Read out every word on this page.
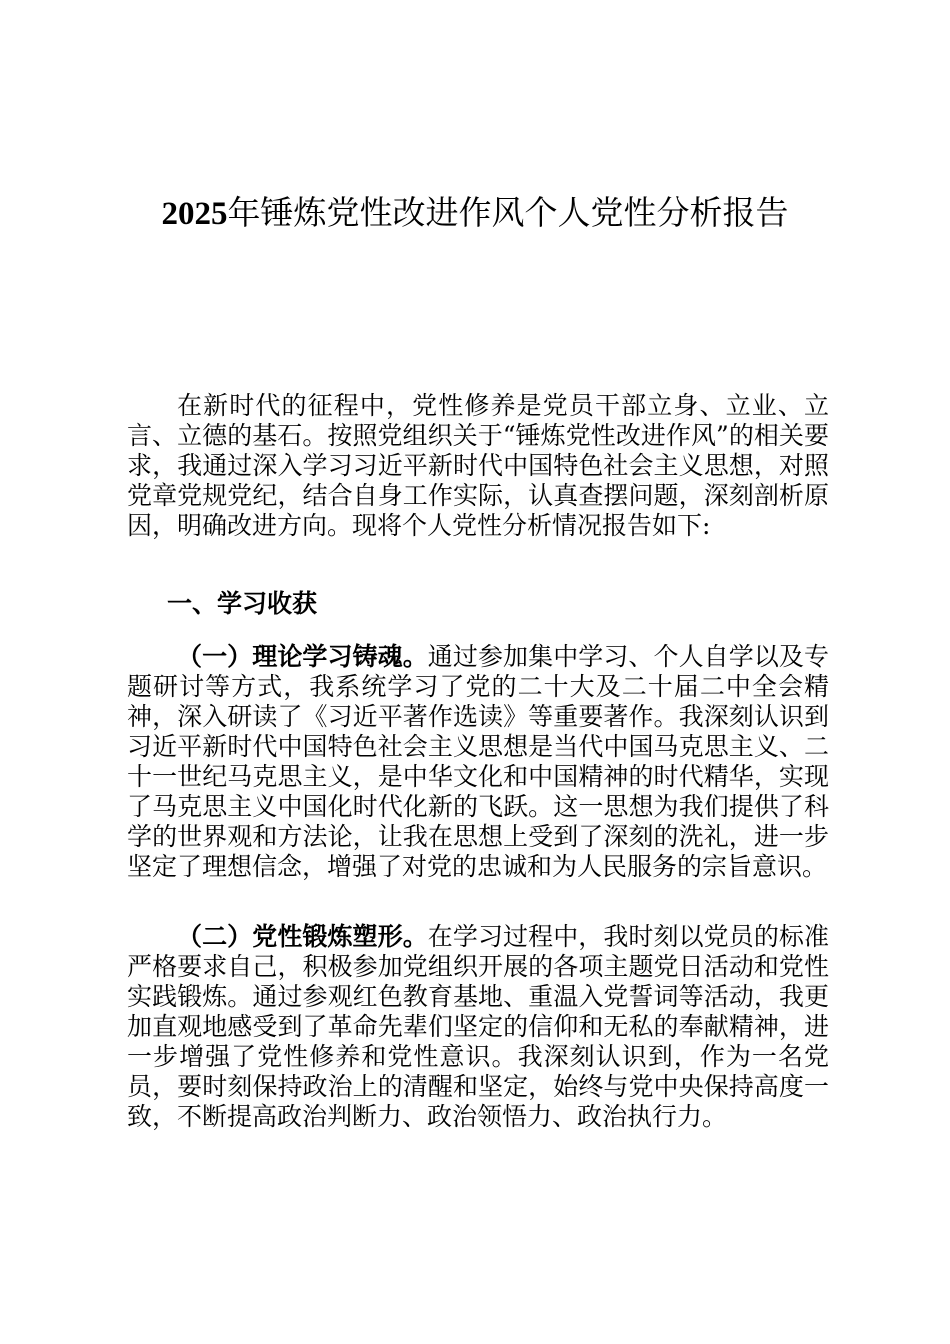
2025年锤炼党性改进作风个人党性分析报告

在新时代的征程中，党性修养是党员干部立身、立业、立言、立德的基石。按照党组织关于“锤炼党性改进作风”的相关要求，我通过深入学习习近平新时代中国特色社会主义思想，对照党章党规党纪，结合自身工作实际，认真查摆问题，深刻剖析原因，明确改进方向。现将个人党性分析情况报告如下:

一、学习收获

（一）理论学习铸魂。通过参加集中学习、个人自学以及专题研讨等方式，我系统学习了党的二十大及二十届二中全会精神，深入研读了《习近平著作选读》等重要著作。我深刻认识到习近平新时代中国特色社会主义思想是当代中国马克思主义、二十一世纪马克思主义，是中华文化和中国精神的时代精华，实现了马克思主义中国化时代化新的飞跃。这一思想为我们提供了科学的世界观和方法论，让我在思想上受到了深刻的洗礼，进一步坚定了理想信念，增强了对党的忠诚和为人民服务的宗旨意识。

（二）党性锻炼塑形。在学习过程中，我时刻以党员的标准严格要求自己，积极参加党组织开展的各项主题党日活动和党性实践锻炼。通过参观红色教育基地、重温入党誓词等活动，我更加直观地感受到了革命先辈们坚定的信仰和无私的奉献精神，进一步增强了党性修养和党性意识。我深刻认识到，作为一名党员，要时刻保持政治上的清醒和坚定，始终与党中央保持高度一致，不断提高政治判断力、政治领悟力、政治执行力。
